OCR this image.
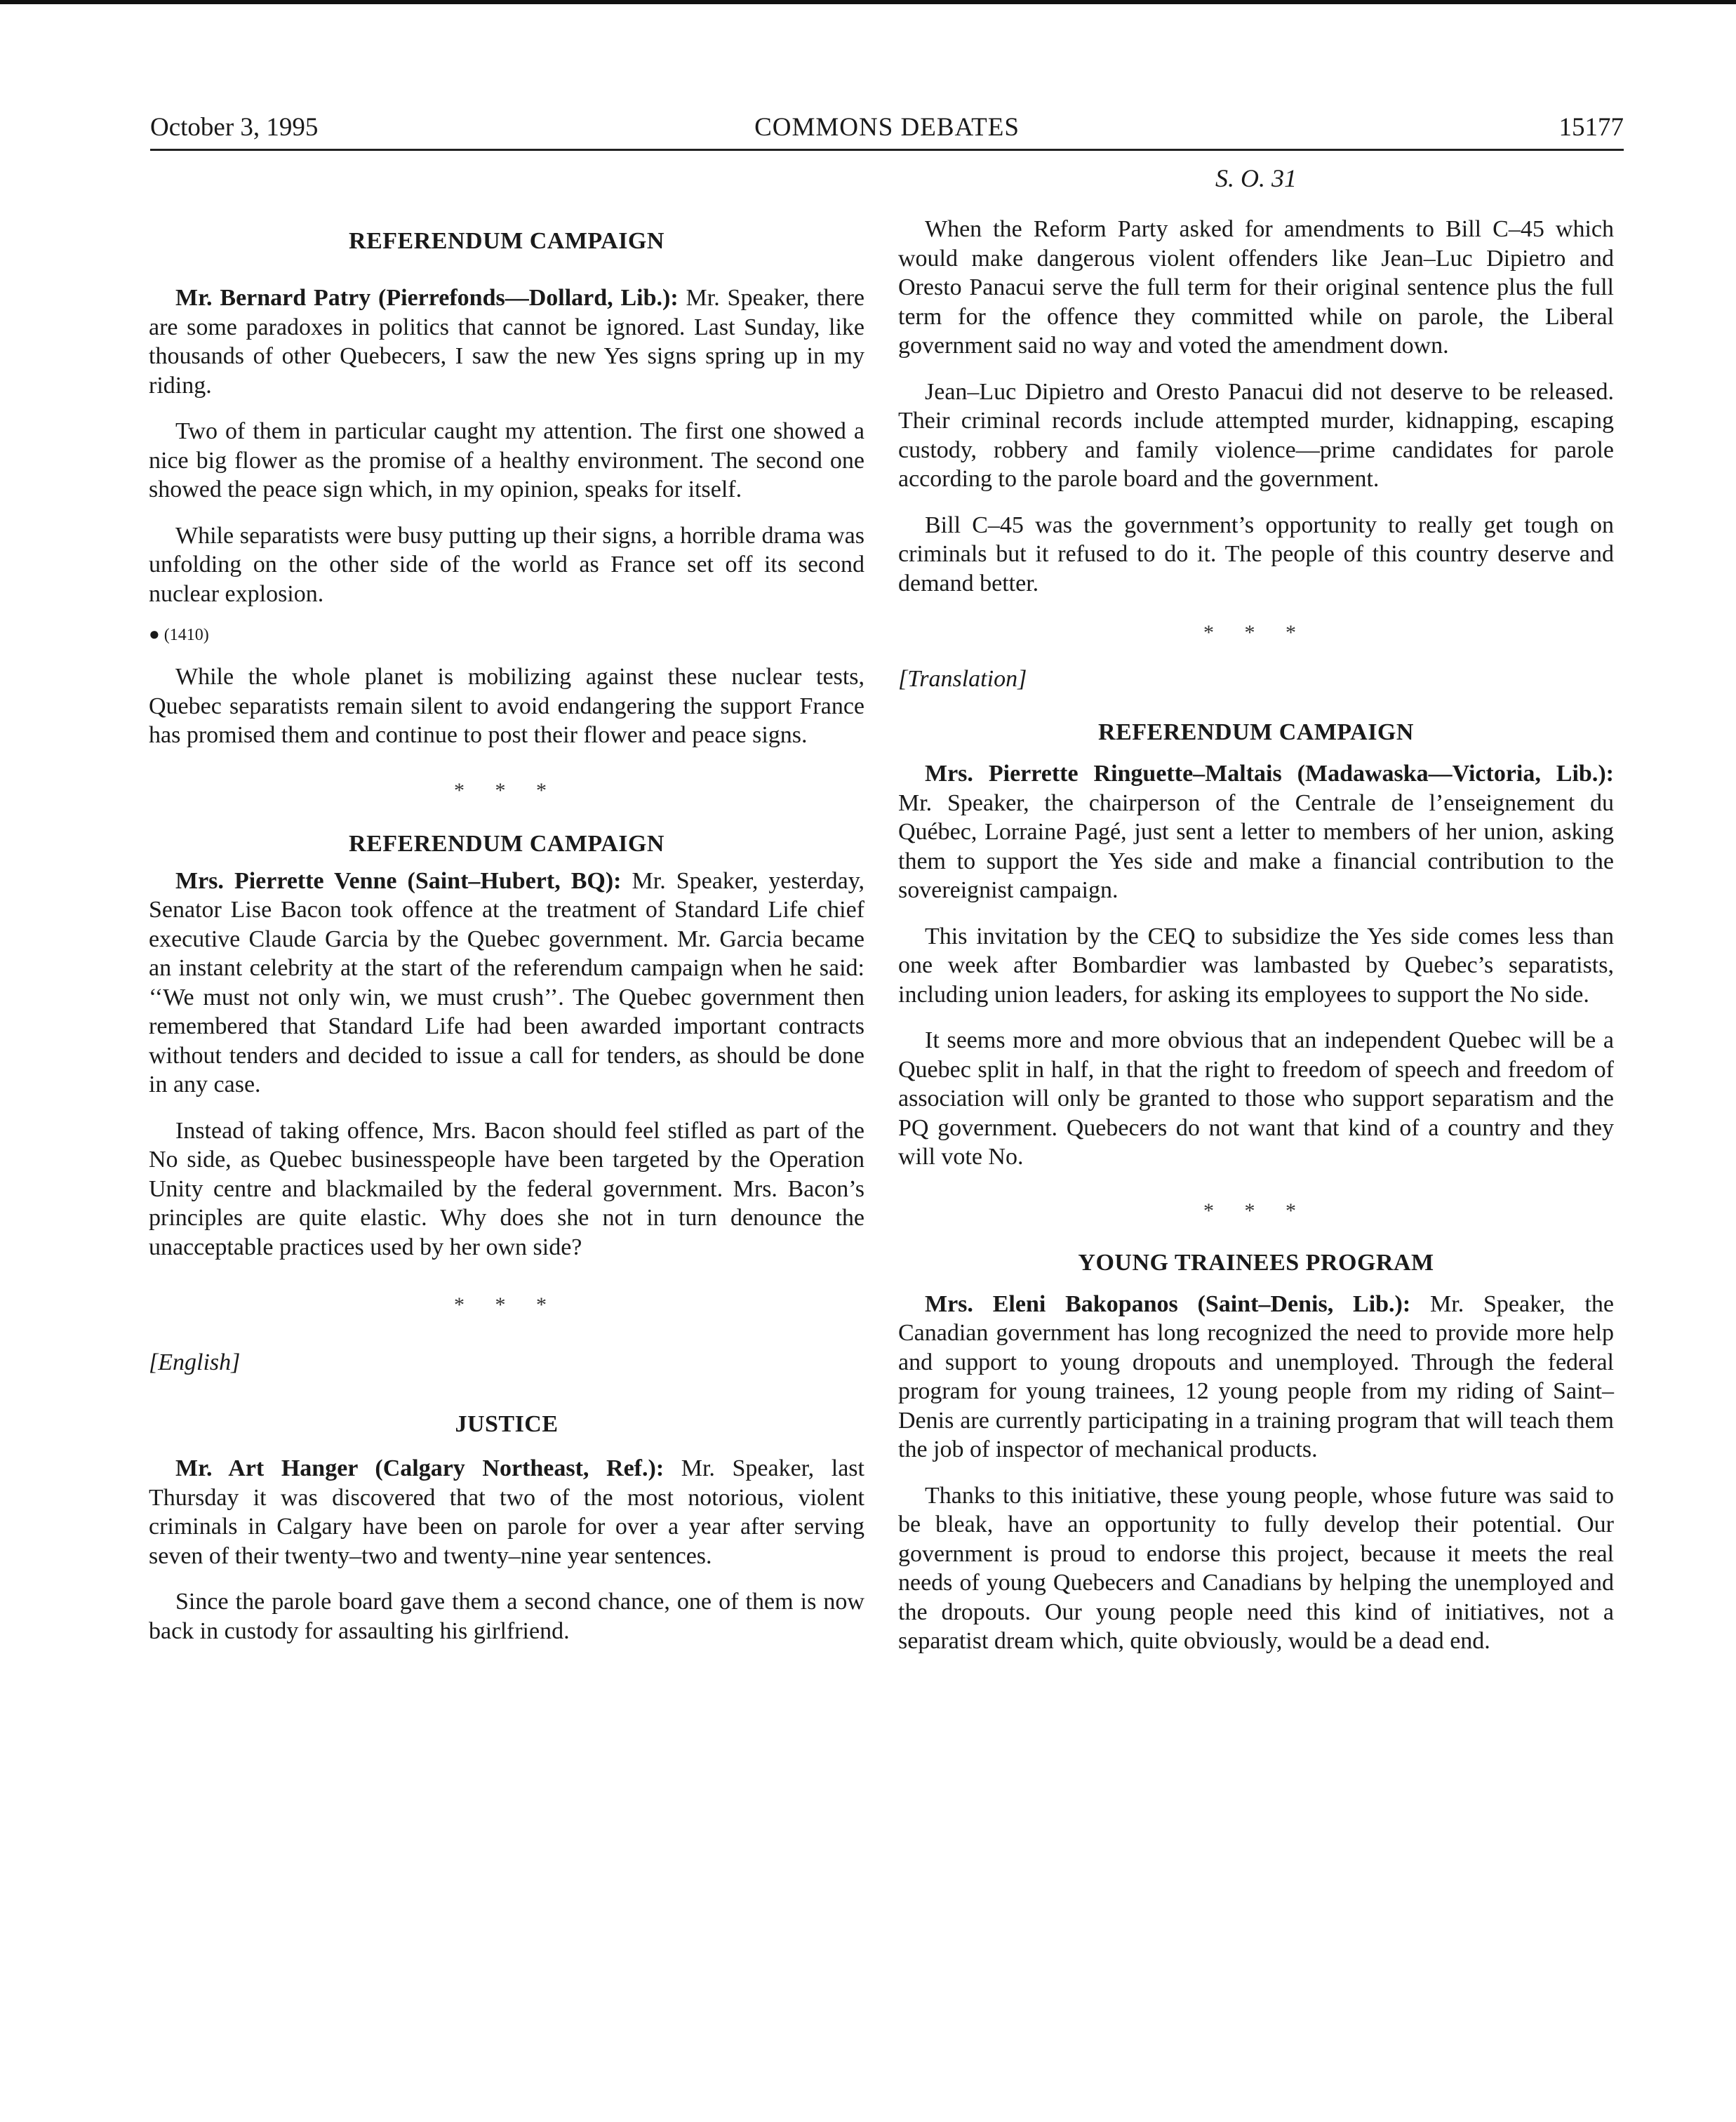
October 3, 1995	COMMONS DEBATES	15177
REFERENDUM CAMPAIGN

Mr. Bernard Patry (Pierrefonds—Dollard, Lib.): Mr. Speaker, there are some paradoxes in politics that cannot be ignored. Last Sunday, like thousands of other Quebecers, I saw the new Yes signs spring up in my riding.

Two of them in particular caught my attention. The first one showed a nice big flower as the promise of a healthy environment. The second one showed the peace sign which, in my opinion, speaks for itself.

While separatists were busy putting up their signs, a horrible drama was unfolding on the other side of the world as France set off its second nuclear explosion.

● (1410)

While the whole planet is mobilizing against these nuclear tests, Quebec separatists remain silent to avoid endangering the support France has promised them and continue to post their flower and peace signs.

* * *
REFERENDUM CAMPAIGN

Mrs. Pierrette Venne (Saint–Hubert, BQ): Mr. Speaker, yesterday, Senator Lise Bacon took offence at the treatment of Standard Life chief executive Claude Garcia by the Quebec government. Mr. Garcia became an instant celebrity at the start of the referendum campaign when he said: ‘‘We must not only win, we must crush’’. The Quebec government then remembered that Standard Life had been awarded important contracts without tenders and decided to issue a call for tenders, as should be done in any case.

Instead of taking offence, Mrs. Bacon should feel stifled as part of the No side, as Quebec businesspeople have been targeted by the Operation Unity centre and blackmailed by the federal government. Mrs. Bacon’s principles are quite elastic. Why does she not in turn denounce the unacceptable practices used by her own side?

* * *
[English]
JUSTICE

Mr. Art Hanger (Calgary Northeast, Ref.): Mr. Speaker, last Thursday it was discovered that two of the most notorious, violent criminals in Calgary have been on parole for over a year after serving seven of their twenty–two and twenty–nine year sentences.

Since the parole board gave them a second chance, one of them is now back in custody for assaulting his girlfriend.

S. O. 31

When the Reform Party asked for amendments to Bill C–45 which would make dangerous violent offenders like Jean–Luc Dipietro and Oresto Panacui serve the full term for their original sentence plus the full term for the offence they committed while on parole, the Liberal government said no way and voted the amendment down.

Jean–Luc Dipietro and Oresto Panacui did not deserve to be released. Their criminal records include attempted murder, kidnapping, escaping custody, robbery and family violence—prime candidates for parole according to the parole board and the government.

Bill C–45 was the government’s opportunity to really get tough on criminals but it refused to do it. The people of this country deserve and demand better.

* * *
[Translation]
REFERENDUM CAMPAIGN

Mrs. Pierrette Ringuette–Maltais (Madawaska—Victoria, Lib.): Mr. Speaker, the chairperson of the Centrale de l’enseignement du Québec, Lorraine Pagé, just sent a letter to members of her union, asking them to support the Yes side and make a financial contribution to the sovereignist campaign.

This invitation by the CEQ to subsidize the Yes side comes less than one week after Bombardier was lambasted by Quebec’s separatists, including union leaders, for asking its employees to support the No side.

It seems more and more obvious that an independent Quebec will be a Quebec split in half, in that the right to freedom of speech and freedom of association will only be granted to those who support separatism and the PQ government. Quebecers do not want that kind of a country and they will vote No.

* * *
YOUNG TRAINEES PROGRAM

Mrs. Eleni Bakopanos (Saint–Denis, Lib.): Mr. Speaker, the Canadian government has long recognized the need to provide more help and support to young dropouts and unemployed. Through the federal program for young trainees, 12 young people from my riding of Saint–Denis are currently participating in a training program that will teach them the job of inspector of mechanical products.

Thanks to this initiative, these young people, whose future was said to be bleak, have an opportunity to fully develop their potential. Our government is proud to endorse this project, because it meets the real needs of young Quebecers and Canadians by helping the unemployed and the dropouts. Our young people need this kind of initiatives, not a separatist dream which, quite obviously, would be a dead end.
